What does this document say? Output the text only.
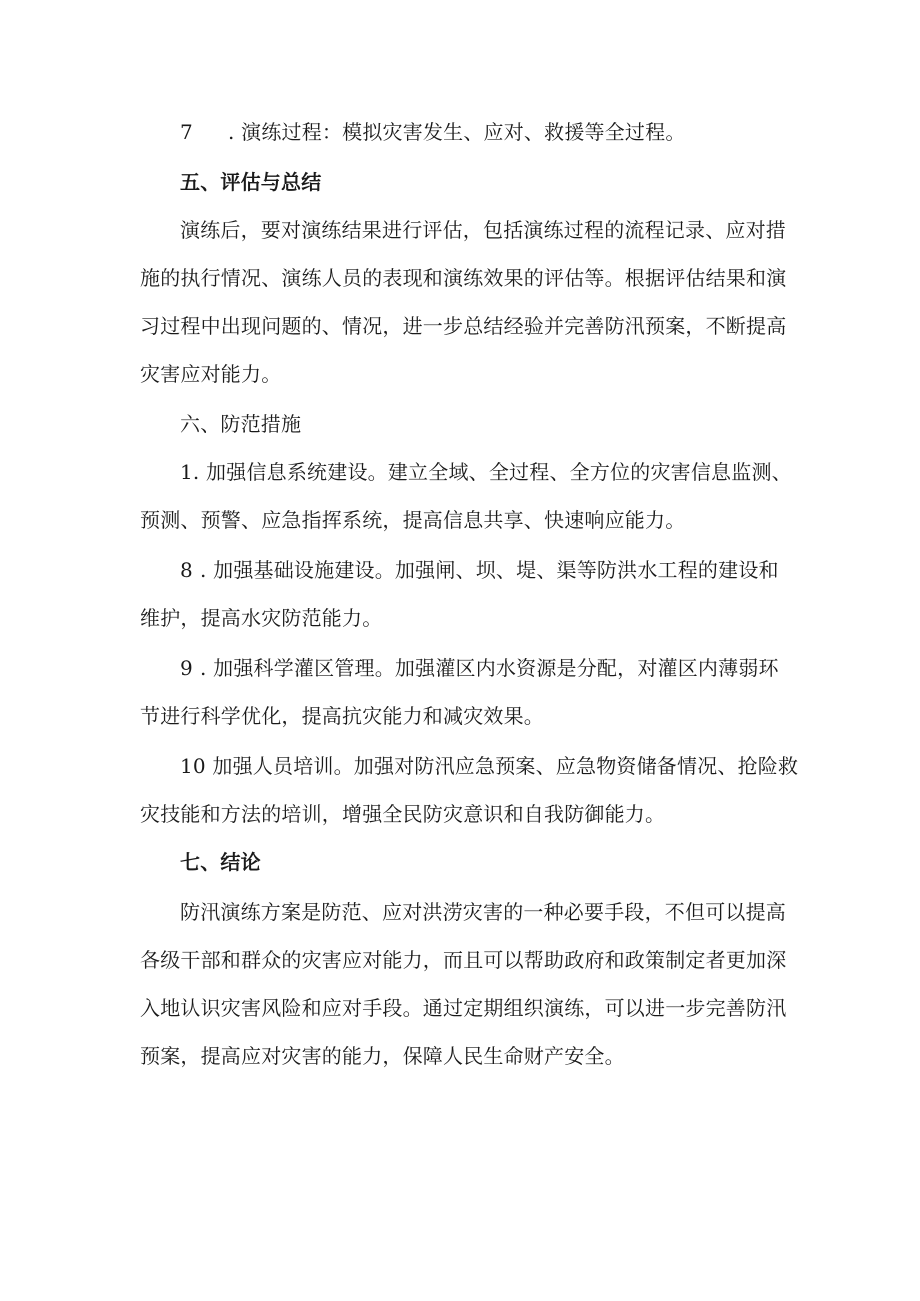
7 . 演练过程：模拟灾害发生、应对、救援等全过程。
五、评估与总结
演练后，要对演练结果进行评估，包括演练过程的流程记录、应对措
施的执行情况、演练人员的表现和演练效果的评估等。根据评估结果和演
习过程中出现问题的、情况，进一步总结经验并完善防汛预案，不断提高
灾害应对能力。
六、防范措施
1. 加强信息系统建设。建立全域、全过程、全方位的灾害信息监测、
预测、预警、应急指挥系统，提高信息共享、快速响应能力。
8 . 加强基础设施建设。加强闸、坝、堤、渠等防洪水工程的建设和
维护，提高水灾防范能力。
9 . 加强科学灌区管理。加强灌区内水资源是分配，对灌区内薄弱环
节进行科学优化，提高抗灾能力和减灾效果。
10 加强人员培训。加强对防汛应急预案、应急物资储备情况、抢险救
灾技能和方法的培训，增强全民防灾意识和自我防御能力。
七、结论
防汛演练方案是防范、应对洪涝灾害的一种必要手段，不但可以提高
各级干部和群众的灾害应对能力，而且可以帮助政府和政策制定者更加深
入地认识灾害风险和应对手段。通过定期组织演练，可以进一步完善防汛
预案，提高应对灾害的能力，保障人民生命财产安全。
